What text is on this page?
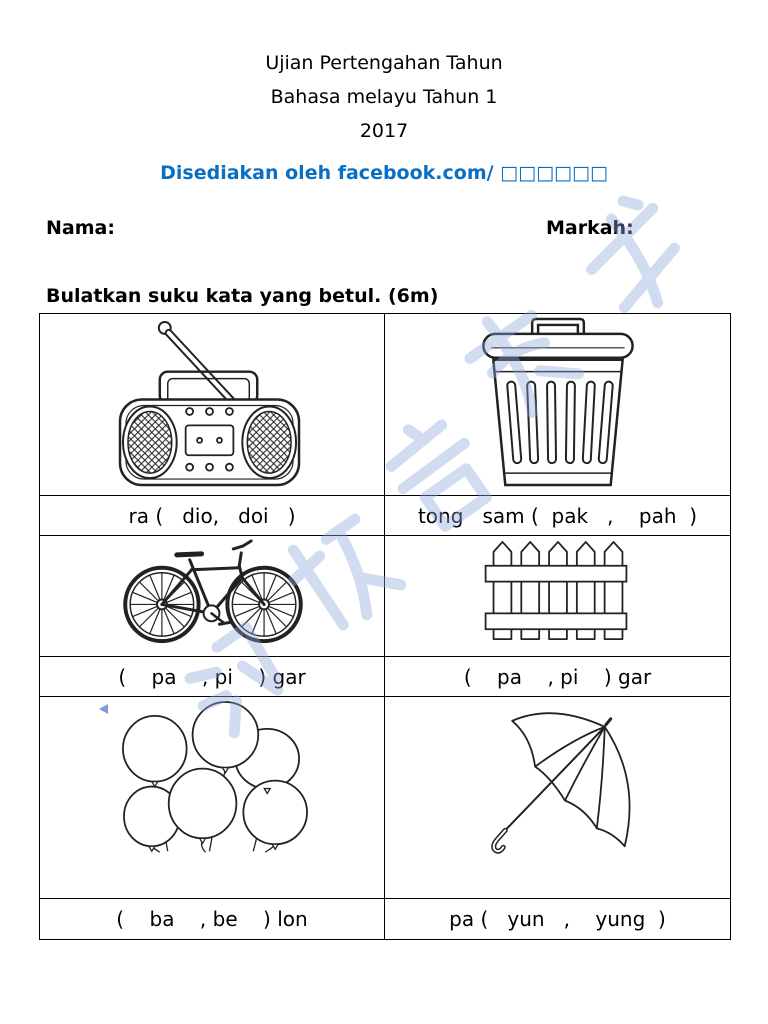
Ujian Pertengahan Tahun
Bahasa melayu Tahun 1
2017
Disediakan oleh facebook.com/ □□□□□□
Nama:	Markah:
Bulatkan suku kata yang betul. (6m)
ra (   dio,   doi   )	tong   sam (  pak   ,    pah  )
(    pa    , pi    ) gar	(    pa    , pi    ) gar
(    ba    , be    ) lon	pa (   yun   ,    yung  )
